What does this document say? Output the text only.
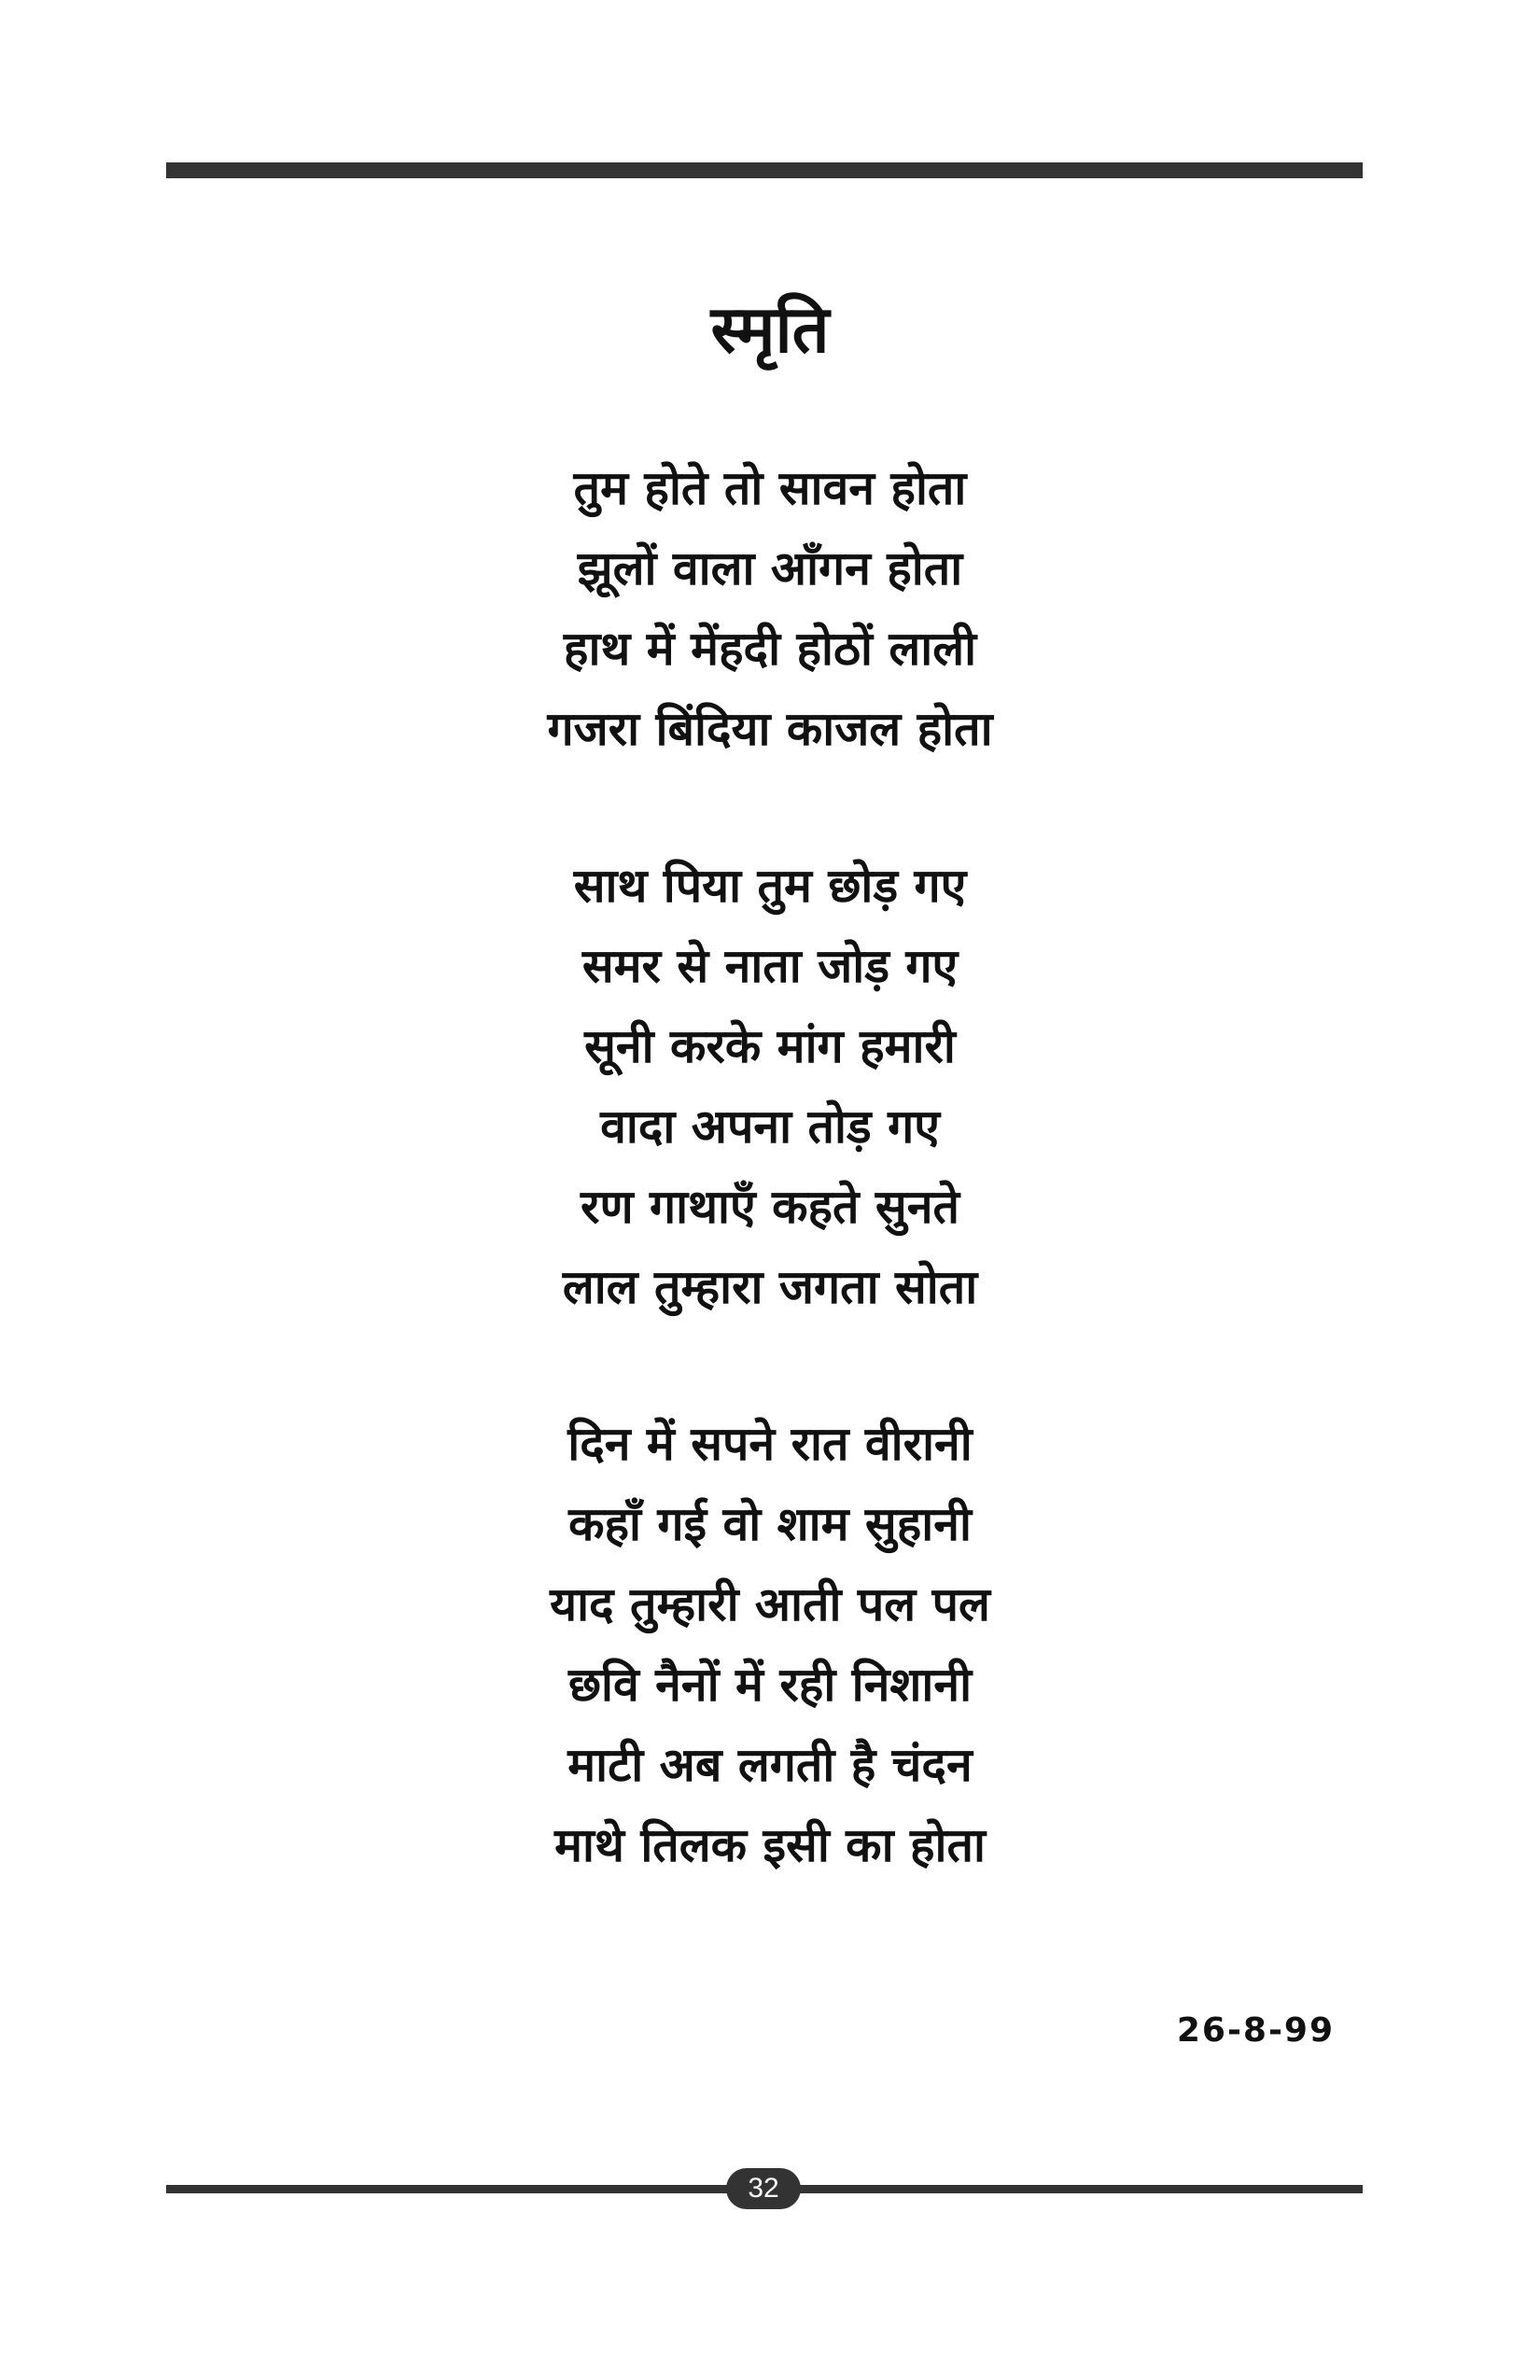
स्मृति
तुम होते तो सावन होता
झूलों वाला आँगन होता
हाथ में मेंहदी होठों लाली
गजरा बिंदिया काजल होता
साथ पिया तुम छोड़ गए
समर से नाता जोड़ गए
सूनी करके मांग हमारी
वादा अपना तोड़ गए
रण गाथाएँ कहते सुनते
लाल तुम्हारा जगता सोता
दिन में सपने रात वीरानी
कहाँ गई वो शाम सुहानी
याद तुम्हारी आती पल पल
छवि नैनों में रही निशानी
माटी अब लगती है चंदन
माथे तिलक इसी का होता
26-8-99
32
